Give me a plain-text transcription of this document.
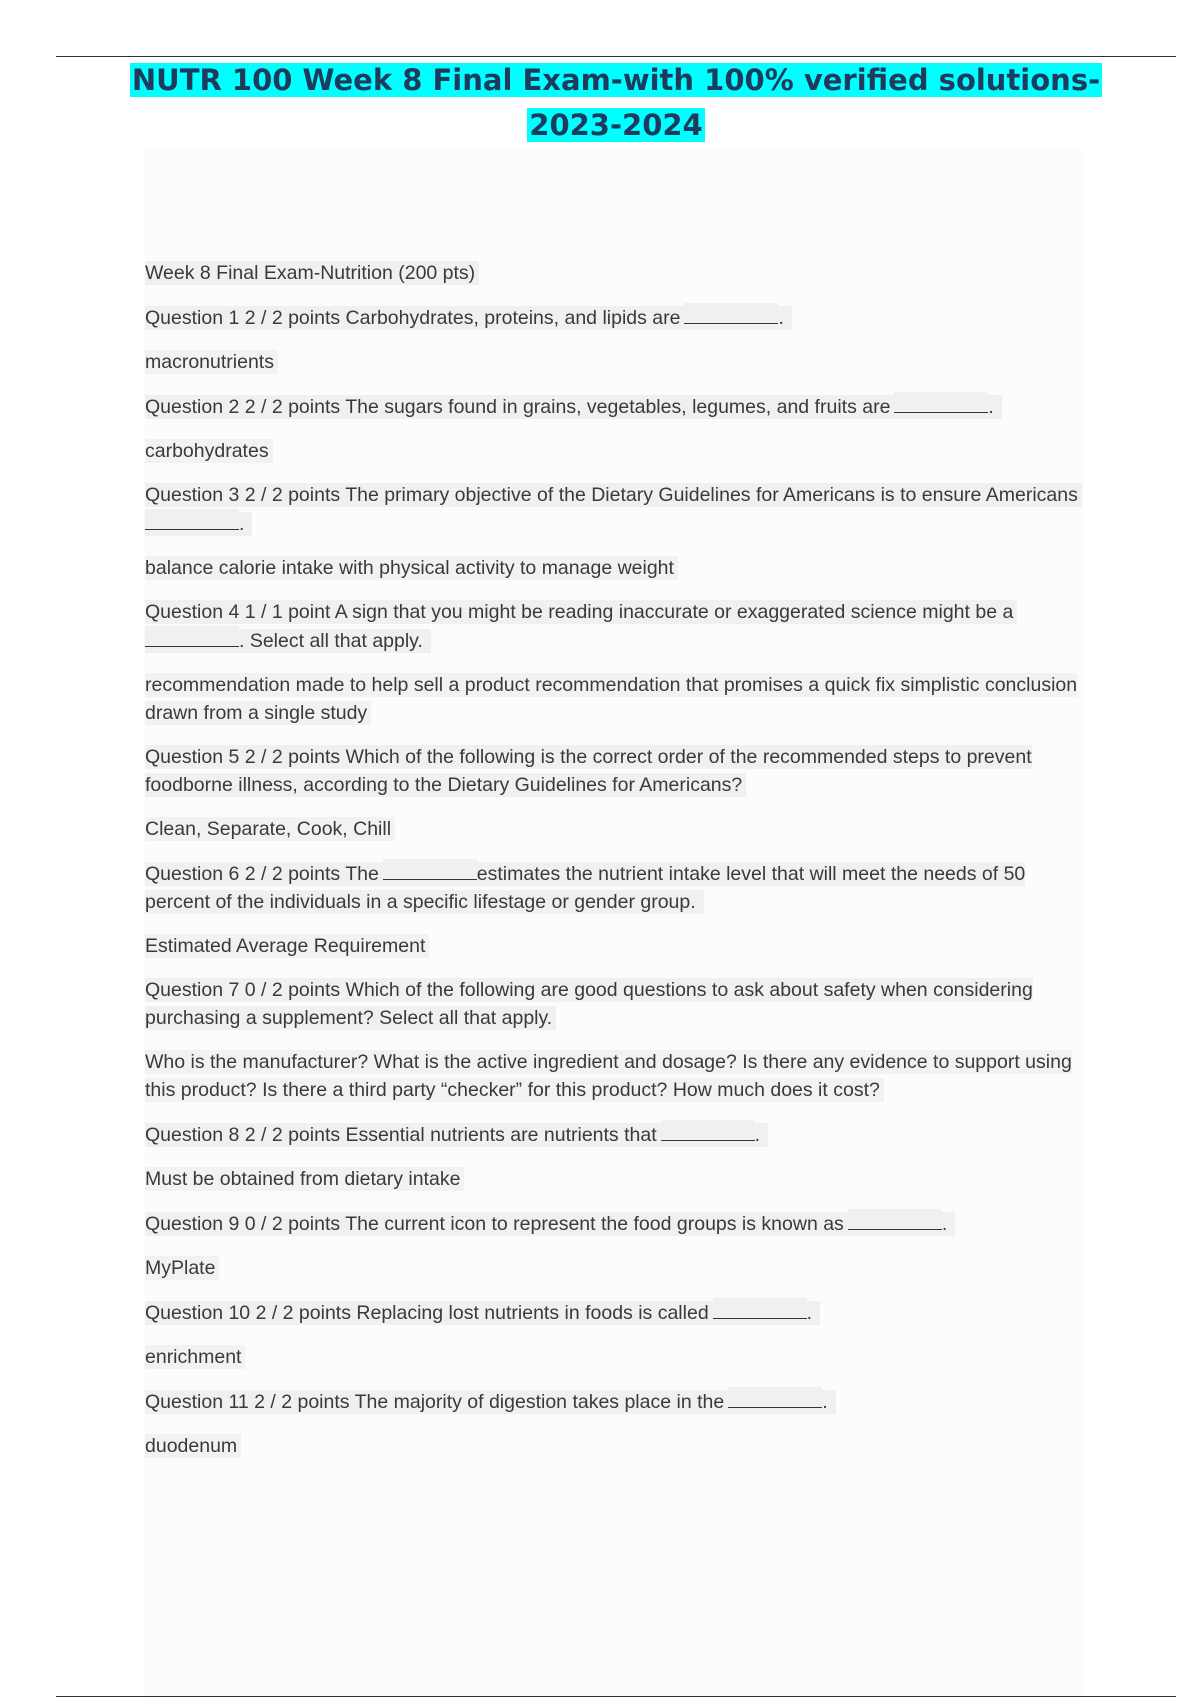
NUTR 100 Week 8 Final Exam-with 100% verified solutions-
2023-2024

Week 8 Final Exam-Nutrition (200 pts)

Question 1 2 / 2 points Carbohydrates, proteins, and lipids are	.

macronutrients

Question 2 2 / 2 points The sugars found in grains, vegetables, legumes, and fruits are	.

carbohydrates

Question 3 2 / 2 points The primary objective of the Dietary Guidelines for Americans is to ensure Americans.

balance calorie intake with physical activity to manage weight

Question 4 1 / 1 point A sign that you might be reading inaccurate or exaggerated science might be a. Select all that apply.

recommendation made to help sell a product recommendation that promises a quick fix simplistic conclusion drawn from a single study

Question 5 2 / 2 points Which of the following is the correct order of the recommended steps to prevent foodborne illness, according to the Dietary Guidelines for Americans?

Clean, Separate, Cook, Chill

Question 6 2 / 2 points The	estimates the nutrient intake level that will meet the needs of 50 percent of the individuals in a specific lifestage or gender group.

Estimated Average Requirement

Question 7 0 / 2 points Which of the following are good questions to ask about safety when considering purchasing a supplement? Select all that apply.

Who is the manufacturer? What is the active ingredient and dosage? Is there any evidence to support using this product? Is there a third party “checker” for this product? How much does it cost?

Question 8 2 / 2 points Essential nutrients are nutrients that	.

Must be obtained from dietary intake

Question 9 0 / 2 points The current icon to represent the food groups is known as	.

MyPlate

Question 10 2 / 2 points Replacing lost nutrients in foods is called	.

enrichment

Question 11 2 / 2 points The majority of digestion takes place in the	.

duodenum
